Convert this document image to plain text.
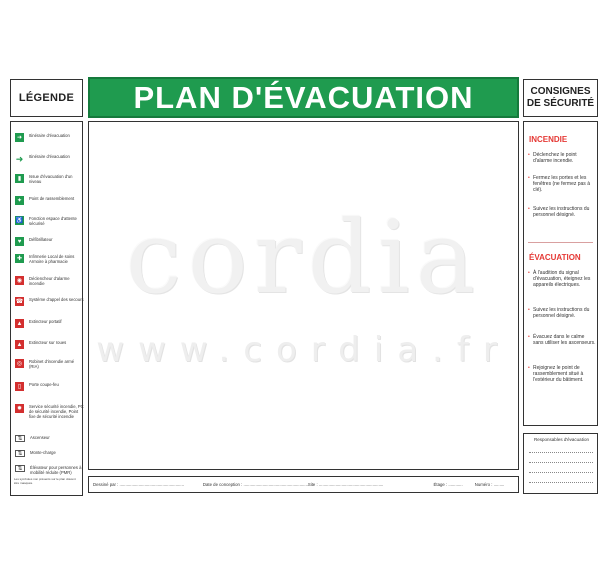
LÉGENDE	PLAN D'ÉVACUATION	CONSIGNES
DE SÉCURITÉ
➜	Itinéraire d'évacuation
➜ Itinéraire d'évacuation
▮	Issue d'évacuation d'un niveau
✦	Point de rassemblement
♿ Fonction espace d'attente sécurisé
♥	Défibrillateur
✚	Infirmerie Local de soins Armoire à pharmacie
◉	Déclencheur d'alarme incendie
☎ Système d'appel des secours
▲	Extincteur portatif
▲	Extincteur sur roues
◎	Robinet d'incendie armé (RIA)
▯	Porte coupe-feu
✹	Service sécurité incendie, PC de sécurité incendie, Point fixe de sécurité incendie
⇅	Ascenseur
⇅	Monte-charge
⇅	Élévateur pour personnes à mobilité réduite (PMR)
Les symboles non présents sur le plan doivent être masqués.
cordia
www.cordia.fr
Dessiné par : ......................................................	Date de conception : ...................................................... Site : ......................................................	Étage : ............	Numéro : .........
INCENDIE
• Déclenchez le point d'alarme incendie.
• Fermez les portes et les fenêtres (ne fermez pas à clé).
• Suivez les instructions du personnel désigné.
ÉVACUATION
• À l'audition du signal d'évacuation, éteignez les appareils électriques.
• Suivez les instructions du personnel désigné.
• Évacuez dans le calme sans utiliser les ascenseurs.
• Rejoignez le point de rassemblement situé à l'extérieur du bâtiment.
Responsables d'évacuation
